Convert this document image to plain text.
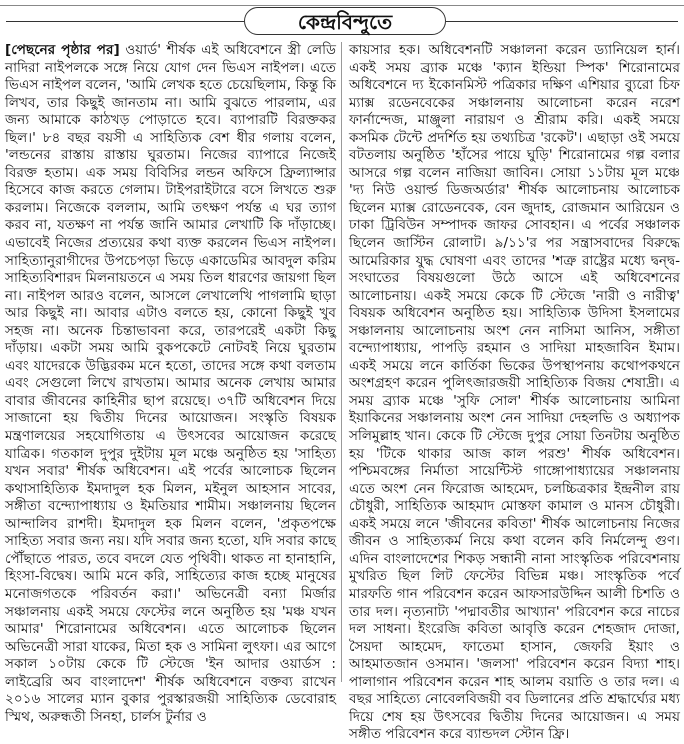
কেন্দ্রবিন্দুতে

[পেছনের পৃষ্ঠার পর] ওয়ার্ড' শীর্ষক এই অধিবেশনে স্ত্রী লেডি নাদিরা নাইপলকে সঙ্গে নিয়ে যোগ দেন ভিএস নাইপল। এতে ভিএস নাইপল বলেন, 'আমি লেখক হতে চেয়েছিলাম, কিন্তু কি লিখব, তার কিছুই জানতাম না। আমি বুঝতে পারলাম, এর জন্য আমাকে কাঠখড় পোড়াতে হবে। ব্যাপারটি বিরক্তকর ছিল।' ৮৪ বছর বয়সী এ সাহিত্যিক বেশ ধীর গলায় বলেন, 'লন্ডনের রাস্তায় রাস্তায় ঘুরতাম। নিজের ব্যাপারে নিজেই বিরক্ত হতাম। এক সময় বিবিসির লন্ডন অফিসে ফ্রিল্যান্সার হিসেবে কাজ করতে গেলাম। টাইপরাইটারে বসে লিখতে শুরু করলাম। নিজেকে বললাম, আমি তৎক্ষণ পর্যন্ত এ ঘর ত্যাগ করব না, যতক্ষণ না পর্যন্ত জানি আমার লেখাটি কি দাঁড়াচ্ছে। এভাবেই নিজের প্রত্যয়ের কথা ব্যক্ত করলেন ভিএস নাইপল। সাহিত্যানুরাগীদের উপচেপড়া ভিড়ে একাডেমির আবদুল করিম সাহিত্যবিশারদ মিলনায়তনে এ সময় তিল ধারণের জায়গা ছিল না। নাইপল আরও বলেন, আসলে লেখালেখি পাগলামি ছাড়া আর কিছুই না। আবার এটাও বলতে হয়, কোনো কিছুই খুব সহজ না। অনেক চিন্তাভাবনা করে, তারপরেই একটা কিছু দাঁড়ায়। একটা সময় আমি বুকপকেটে নোটবই নিয়ে ঘুরতাম এবং যাদেরকে উদ্ভিরকম মনে হতো, তাদের সঙ্গে কথা বলতাম এবং সেগুলো লিখে রাখতাম। আমার অনেক লেখায় আমার বাবার জীবনের কাহিনীর ছাপ রয়েছে। ৩৭টি অধিবেশন দিয়ে সাজানো হয় দ্বিতীয় দিনের আয়োজন। সংস্কৃতি বিষয়ক মন্ত্রণালয়ের সহযোগিতায় এ উৎসবের আয়োজন করেছে যাত্রিক। গতকাল দুপুর দুইটায় মূল মঞ্চে অনুষ্ঠিত হয় 'সাহিত্য যখন সবার' শীর্ষক অধিবেশন। এই পর্বের আলোচক ছিলেন কথাসাহিত্যিক ইমদাদুল হক মিলন, মইনুল আহসান সাবের, সঙ্গীতা বন্দ্যোপাধ্যায় ও ইমতিয়ার শামীম। সঞ্চালনায় ছিলেন আন্দালিব রাশদী। ইমদাদুল হক মিলন বলেন, 'প্রকৃতপক্ষে সাহিত্য সবার জন্য নয়। যদি সবার জন্য হতো, যদি সবার কাছে পৌঁছাতে পারত, তবে বদলে যেত পৃথিবী। থাকত না হানাহানি, হিংসা-বিদ্বেষ। আমি মনে করি, সাহিত্যের কাজ হচ্ছে মানুষের মনোজগতকে পরিবর্তন করা।' অভিনেত্রী বন্যা মির্জার সঞ্চালনায় একই সময়ে ফেস্টের লনে অনুষ্ঠিত হয় 'মঞ্চ যখন আমার' শিরোনামের অধিবেশন। এতে আলোচক ছিলেন অভিনেত্রী সারা যাকের, মিতা হক ও সামিনা লুৎফা। এর আগে সকাল ১০টায় কেকে টি স্টেজে 'ইন আদার ওয়ার্ডস : লাইব্রেরি অব বাংলাদেশ' শীর্ষক অধিবেশনে বক্তব্য রাখেন ২০১৬ সালের ম্যান বুকার পুরস্কারজয়ী সাহিত্যিক ডেবোরাহ স্মিথ, অরুন্ধতী সিনহা, চার্লস টুর্নার ও

কায়সার হক। অধিবেশনটি সঞ্চালনা করেন ড্যানিয়েল হার্ন। একই সময় ব্র্যাক মঞ্চে 'ক্যান ইন্ডিয়া স্পিক' শিরোনামের অধিবেশনে দ্য ইকোনমিস্ট পত্রিকার দক্ষিণ এশিয়ার ব্যুরো চিফ ম্যাক্স রডেনবেকের সঞ্চালনায় আলোচনা করেন নরেশ ফার্নান্দেজ, মাঞ্জুলা নারায়ণ ও শ্রীরাম করি। একই সময়ে কসমিক টেন্টে প্রদর্শিত হয় তথ্যচিত্র 'রকেট'। এছাড়া ওই সময়ে বটতলায় অনুষ্ঠিত 'হাঁসের পায়ে ঘুড়ি' শিরোনামের গল্প বলার আসরে গল্প বলেন নাজিয়া জাবিন। সোয়া ১১টায় মূল মঞ্চে 'দ্য নিউ ওয়ার্ল্ড ডিজঅর্ডার' শীর্ষক আলোচনায় আলোচক ছিলেন ম্যাক্স রোডেনবেক, বেন জুদাহ, রোজমান আরিয়েন ও ঢাকা ট্রিবিউন সম্পাদক জাফর সোবহান। এ পর্বের সঞ্চালক ছিলেন জাস্টিন রোলাট। ৯/১১'র পর সন্ত্রাসবাদের বিরুদ্ধে আমেরিকার যুদ্ধ ঘোষণা এবং তাদের 'শত্রু রাষ্ট্রের মধ্যে দ্বন্দ্ব-সংঘাতের বিষয়গুলো উঠে আসে এই অধিবেশনের আলোচনায়। একই সময়ে কেকে টি স্টেজে 'নারী ও নারীত্ব' বিষয়ক অধিবেশন অনুষ্ঠিত হয়। সাহিত্যিক উদিসা ইসলামের সঞ্চালনায় আলোচনায় অংশ নেন নাসিমা আনিস, সঙ্গীতা বন্দ্যোপাধ্যায়, পাপড়ি রহমান ও সাদিয়া মাহজাবিন ইমাম। একই সময়ে লনে কার্তিকা ভিকের উপস্থাপনায় কথোপকথনে অংশগ্রহণ করেন পুলিৎজারজয়ী সাহিত্যিক বিজয় শেষাদ্রী। এ সময় ব্র্যাক মঞ্চে 'সুফি সোল' শীর্ষক আলোচনায় আমিনা ইয়াকিনের সঞ্চালনায় অংশ নেন সাদিয়া দেহলভি ও অধ্যাপক সলিমুল্লাহ খান। কেকে টি স্টেজে দুপুর সোয়া তিনটায় অনুষ্ঠিত হয় 'টিকে থাকার আজ কাল পরশু' শীর্ষক অধিবেশন। পশ্চিমবঙ্গের নির্মাতা সায়েন্টিস্ট গাঙ্গোপাধ্যায়ের সঞ্চালনায় এতে অংশ নেন ফিরোজ আহমেদ, চলচ্চিত্রকার ইন্দ্রনীল রায় চৌধুরী, সাহিত্যিক আহমাদ মোস্তফা কামাল ও মানস চৌধুরী। একই সময়ে লনে 'জীবনের কবিতা' শীর্ষক আলোচনায় নিজের জীবন ও সাহিত্যকর্ম নিয়ে কথা বলেন কবি নির্মলেন্দু গুণ। এদিন বাংলাদেশের শিকড় সন্ধানী নানা সাংস্কৃতিক পরিবেশনায় মুখরিত ছিল লিট ফেস্টের বিভিন্ন মঞ্চ। সাংস্কৃতিক পর্বে মারফতি গান পরিবেশন করেন আফসারউদ্দিন আলী চিশতি ও তার দল। নৃত্যনাট্য 'পদ্মাবতীর আখ্যান' পরিবেশন করে নাচের দল সাধনা। ইংরেজি কবিতা আবৃত্তি করেন শেহজাদ দোজা, সৈয়দা আহমেদ, ফাতেমা হাসান, জেফরি ইয়াং ও আহমাতজান ওসমান। 'জলসা' পরিবেশন করেন বিদ্যা শাহ। পালাগান পরিবেশন করেন শাহ আলম বয়াতি ও তার দল। এ বছর সাহিত্যে নোবেলবিজয়ী বব ডিলানের প্রতি শ্রদ্ধার্ঘ্যের মধ্য দিয়ে শেষ হয় উৎসবের দ্বিতীয় দিনের আয়োজন। এ সময় সঙ্গীত পরিবেশন করে ব্যান্ডদল স্টোন ফ্রি।
